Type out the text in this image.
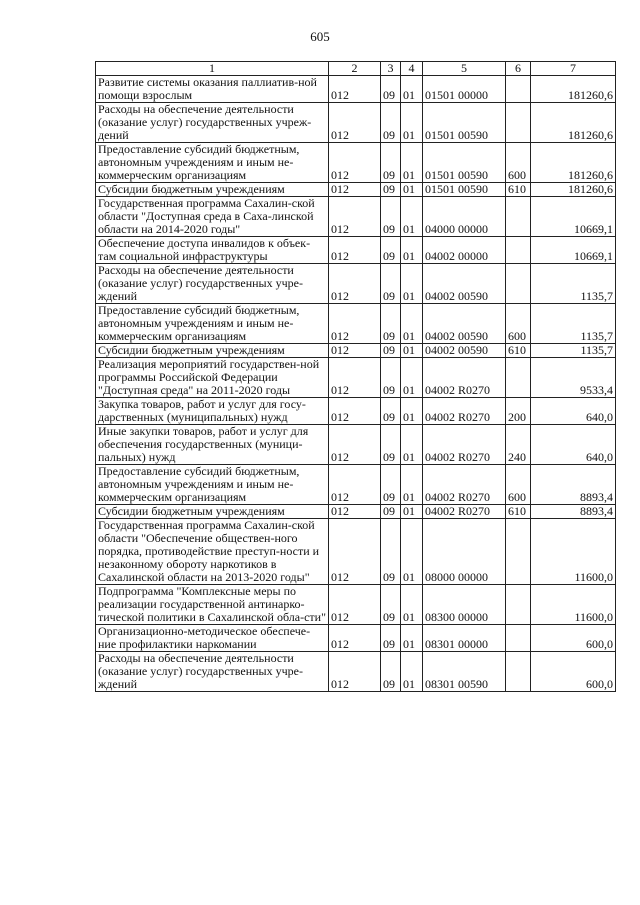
605
1	2	3	4	5	6	7
Развитие системы оказания паллиатив-ной помощи взрослым	012	09	01	01501 00000		181260,6
Расходы на обеспечение деятельности (оказание услуг) государственных учреж-дений	012	09	01	01501 00590		181260,6
Предоставление субсидий бюджетным, автономным учреждениям и иным не-коммерческим организациям	012	09	01	01501 00590	600	181260,6
Субсидии бюджетным учреждениям	012	09	01	01501 00590	610	181260,6
Государственная программа Сахалин-ской области "Доступная среда в Саха-линской области на 2014-2020 годы"	012	09	01	04000 00000		10669,1
Обеспечение доступа инвалидов к объек-там социальной инфраструктуры	012	09	01	04002 00000		10669,1
Расходы на обеспечение деятельности (оказание услуг) государственных учре-ждений	012	09	01	04002 00590		1135,7
Предоставление субсидий бюджетным, автономным учреждениям и иным не-коммерческим организациям	012	09	01	04002 00590	600	1135,7
Субсидии бюджетным учреждениям	012	09	01	04002 00590	610	1135,7
Реализация мероприятий государствен-ной программы Российской Федерации "Доступная среда" на 2011-2020 годы	012	09	01	04002 R0270		9533,4
Закупка товаров, работ и услуг для госу-дарственных (муниципальных) нужд	012	09	01	04002 R0270	200	640,0
Иные закупки товаров, работ и услуг для обеспечения государственных (муници-пальных) нужд	012	09	01	04002 R0270	240	640,0
Предоставление субсидий бюджетным, автономным учреждениям и иным не-коммерческим организациям	012	09	01	04002 R0270	600	8893,4
Субсидии бюджетным учреждениям	012	09	01	04002 R0270	610	8893,4
Государственная программа Сахалин-ской области "Обеспечение обществен-ного порядка, противодействие преступ-ности и незаконному обороту наркотиков в Сахалинской области на 2013-2020 годы"	012	09	01	08000 00000		11600,0
Подпрограмма "Комплексные меры по реализации государственной антинарко-тической политики в Сахалинской обла-сти"	012	09	01	08300 00000		11600,0
Организационно-методическое обеспече-ние профилактики наркомании	012	09	01	08301 00000		600,0
Расходы на обеспечение деятельности (оказание услуг) государственных учре-ждений	012	09	01	08301 00590		600,0
